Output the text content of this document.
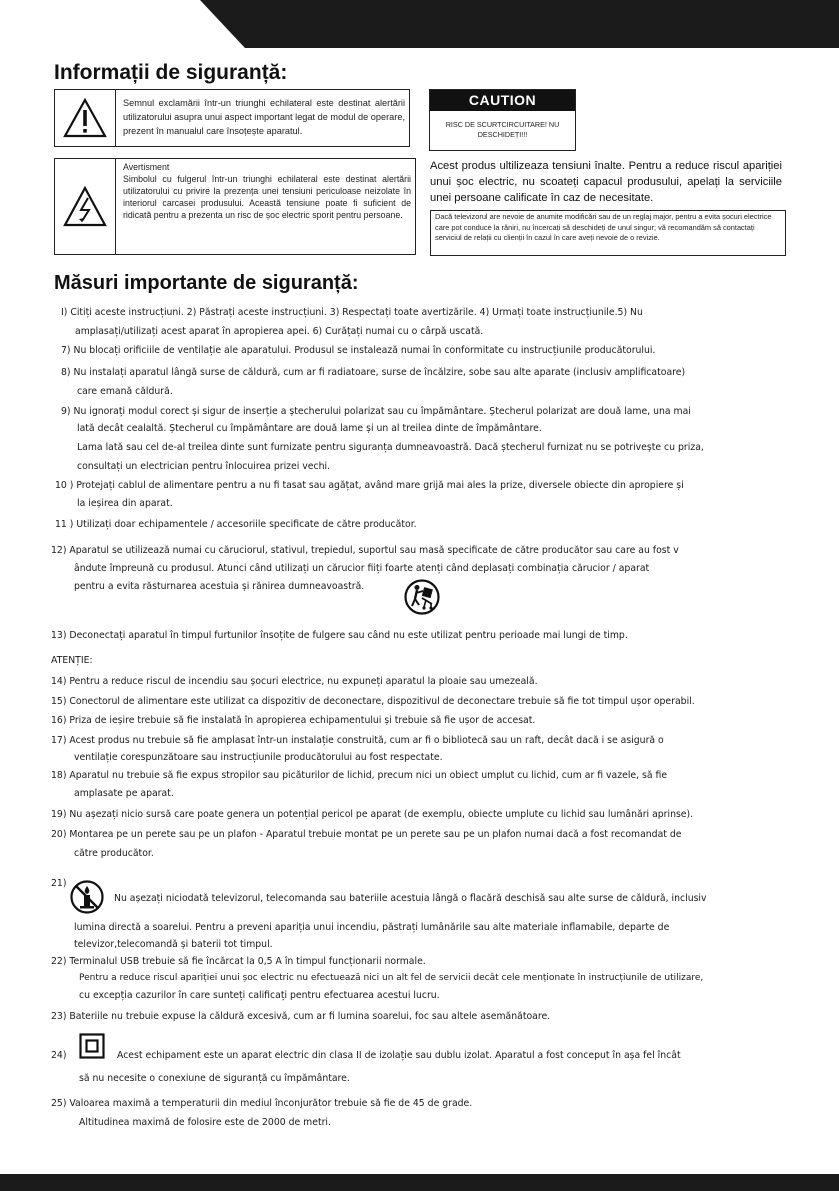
Informații de siguranță:
Semnul exclamării într-un triunghi echilateral este destinat alertării utilizatorului asupra unui aspect important legat de modul de operare, prezent în manualul care însoțește aparatul.

Avertisment

Simbolul cu fulgerul într-un triunghi echilateral este destinat alertării utilizatorului cu privire la prezența unei tensiuni periculoase neizolate în interiorul carcasei produsului. Această tensiune poate fi suficient de ridicată pentru a prezenta un risc de șoc electric sporit pentru persoane.

CAUTION
RISC DE SCURTCIRCUITARE! NU DESCHIDEȚI!!!
Acest produs ultilizeaza tensiuni înalte. Pentru a reduce riscul apariției unui șoc electric, nu scoateți capacul produsului, apelați la serviciile unei persoane calificate în caz de necesitate.
Dacă televizorul are nevoie de anumite modificări sau de un reglaj major, pentru a evita șocuri electrice care pot conduce la răniri, nu încercați să deschideți de unul singur; vă recomandăm să contactați serviciul de relații cu clienții în cazul în care aveți nevoie de o revizie.
Măsuri importante de siguranță:
I) Citiți aceste instrucțiuni. 2) Păstrați aceste instrucțiuni. 3) Respectați toate avertizările. 4) Urmați toate instrucțiunile.5) Nu
amplasați/utilizați acest aparat în apropierea apei. 6) Curățați numai cu o cârpă uscată.
7) Nu blocați orificiile de ventilație ale aparatului. Produsul se instalează numai în conformitate cu instrucțiunile producătorului.
8) Nu instalați aparatul lângă surse de căldură, cum ar fi radiatoare, surse de încălzire, sobe sau alte aparate (inclusiv amplificatoare)
care emană căldură.
9) Nu ignorați modul corect și sigur de inserție a ștecherului polarizat sau cu împământare. Ștecherul polarizat are două lame, una mai
lată decât cealaltă. Ștecherul cu împământare are două lame și un al treilea dinte de împământare.
Lama lată sau cel de-al treilea dinte sunt furnizate pentru siguranța dumneavoastră. Dacă ștecherul furnizat nu se potrivește cu priza,
consultați un electrician pentru înlocuirea prizei vechi.
10 ) Protejați cablul de alimentare pentru a nu fi tasat sau agățat, având mare grijă mai ales la prize, diversele obiecte din apropiere și
la ieșirea din aparat.
11 ) Utilizați doar echipamentele / accesoriile specificate de către producător.
12) Aparatul se utilizează numai cu căruciorul, stativul, trepiedul, suportul sau masă specificate de către producător sau care au fost v
ândute împreună cu produsul. Atunci când utilizați un cărucior fiiți foarte atenți când deplasați combinația cărucior / aparat
pentru a evita răsturnarea acestuia și rănirea dumneavoastră.
13) Deconectați aparatul în timpul furtunilor însoțite de fulgere sau când nu este utilizat pentru perioade mai lungi de timp.
ATENȚIE:
14) Pentru a reduce riscul de incendiu sau șocuri electrice, nu expuneți aparatul la ploaie sau umezeală.
15) Conectorul de alimentare este utilizat ca dispozitiv de deconectare, dispozitivul de deconectare trebuie să fie tot timpul ușor operabil.
16) Priza de ieșire trebuie să fie instalată în apropierea echipamentului și trebuie să fie ușor de accesat.
17) Acest produs nu trebuie să fie amplasat într-un instalație construită, cum ar fi o bibliotecă sau un raft, decât dacă i se asigură o
ventilație corespunzătoare sau instrucțiunile producătorului au fost respectate.
18) Aparatul nu trebuie să fie expus stropilor sau picăturilor de lichid, precum nici un obiect umplut cu lichid, cum ar fi vazele, să fie
amplasate pe aparat.
19) Nu așezați nicio sursă care poate genera un potențial pericol pe aparat (de exemplu, obiecte umplute cu lichid sau lumânări aprinse).
20) Montarea pe un perete sau pe un plafon - Aparatul trebuie montat pe un perete sau pe un plafon numai dacă a fost recomandat de
către producător.
21)
Nu așezați niciodată televizorul, telecomanda sau bateriile acestuia lângă o flacără deschisă sau alte surse de căldură, inclusiv
lumina directă a soarelui. Pentru a preveni apariția unui incendiu, păstrați lumânările sau alte materiale inflamabile, departe de
televizor,telecomandă și baterii tot timpul.
22) Terminalul USB trebuie să fie încărcat la 0,5 A în timpul funcționarii normale.
Pentru a reduce riscul apariției unui șoc electric nu efectuează nici un alt fel de servicii decât cele menționate în instrucțiunile de utilizare,
cu excepția cazurilor în care sunteți calificați pentru efectuarea acestui lucru.
23) Bateriile nu trebuie expuse la căldură excesivă, cum ar fi lumina soarelui, foc sau altele asemănătoare.
24)	Acest echipament este un aparat electric din clasa II de izolație sau dublu izolat. Aparatul a fost conceput în așa fel încât
să nu necesite o conexiune de siguranță cu împământare.
25) Valoarea maximă a temperaturii din mediul înconjurător trebuie să fie de 45 de grade.
Altitudinea maximă de folosire este de 2000 de metri.
